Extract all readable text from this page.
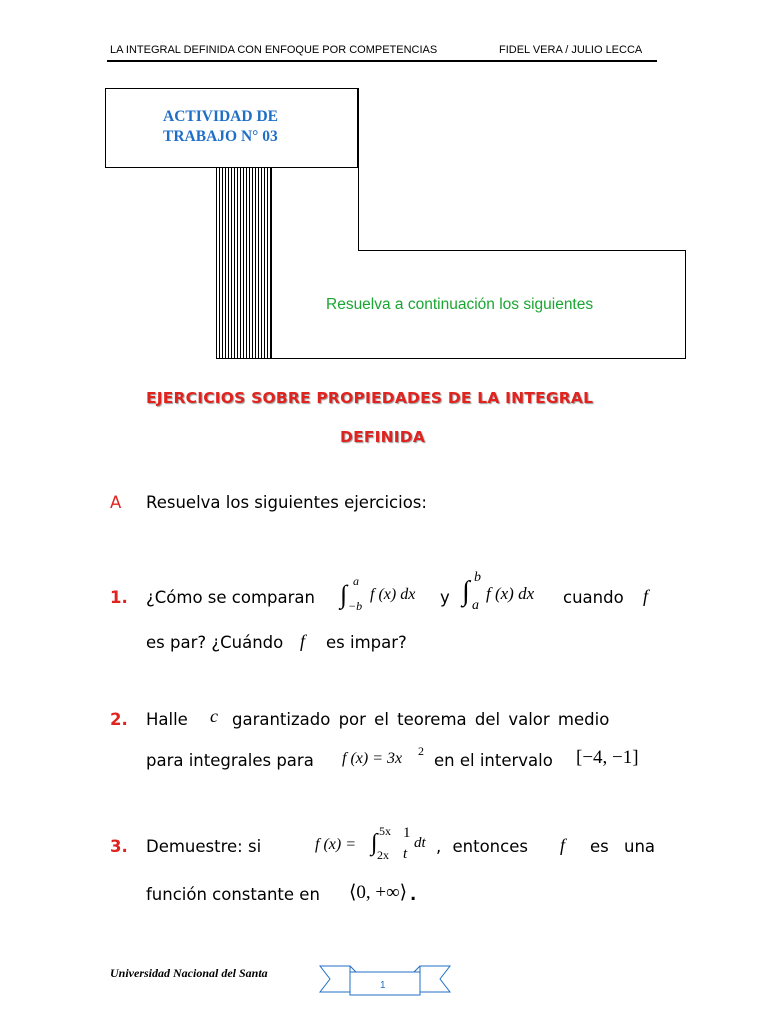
LA INTEGRAL DEFINIDA CON ENFOQUE POR COMPETENCIAS	FIDEL VERA / JULIO LECCA
ACTIVIDAD DE
TRABAJO N° 03
Resuelva a continuación los siguientes
EJERCICIOS SOBRE PROPIEDADES DE LA INTEGRAL
DEFINIDA
A Resuelva los siguientes ejercicios:
1. ¿Cómo se comparan ∫ a
−b
f (x) dx y ∫ b
a
f (x) dx cuando f
es par? ¿Cuándo f es impar?
2. Halle c garantizado por el teorema del valor medio
para integrales para f (x) = 3x 2 en el intervalo [−4, −1]
3. Demuestre: si	f (x) = ∫ 5x
2x
1
t
dt , entonces f es una
función constante en ⟨0, +∞⟩ .
Universidad Nacional del Santa
1
